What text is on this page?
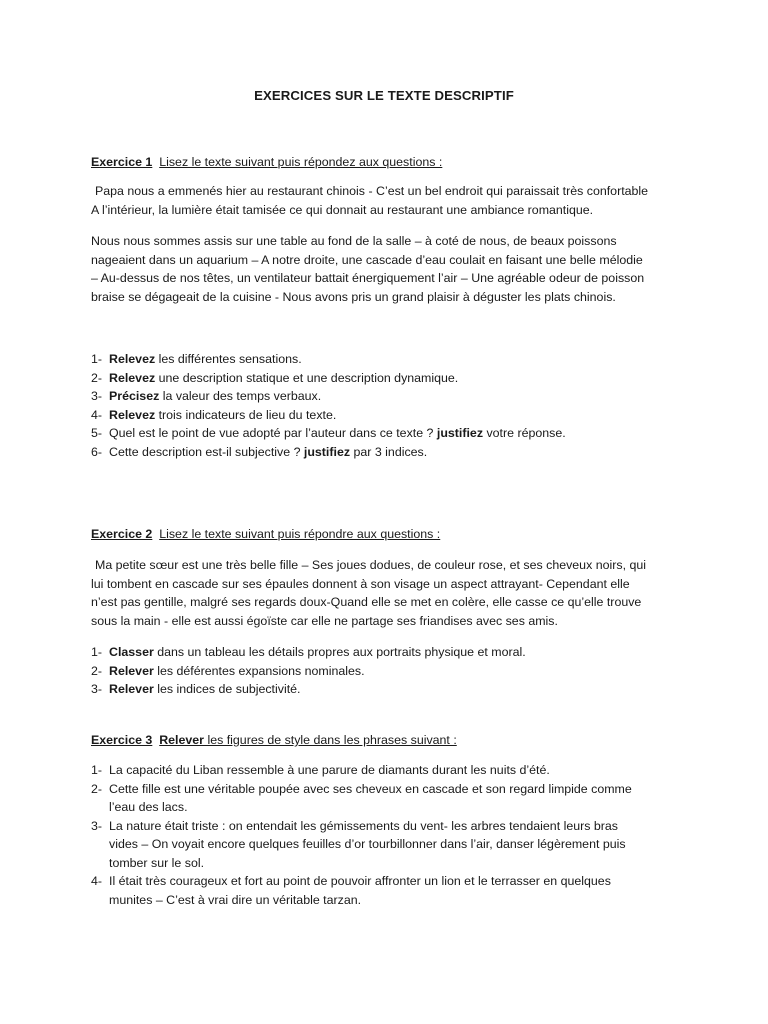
EXERCICES SUR LE TEXTE DESCRIPTIF
Exercice 1 Lisez le texte suivant puis répondez aux questions :
Papa nous a emmenés hier au restaurant chinois - C’est un bel endroit qui paraissait très confortable
A l’intérieur, la lumière était tamisée ce qui donnait au restaurant une ambiance romantique.
Nous nous sommes assis sur une table au fond de la salle – à coté de nous, de beaux poissons
nageaient dans un aquarium – A notre droite, une cascade d’eau coulait en faisant une belle mélodie
– Au-dessus de nos têtes, un ventilateur battait énergiquement l’air – Une agréable odeur de poisson
braise se dégageait de la cuisine - Nous avons pris un grand plaisir à déguster les plats chinois.
1- Relevez les différentes sensations.
2- Relevez une description statique et une description dynamique.
3- Précisez la valeur des temps verbaux.
4- Relevez trois indicateurs de lieu du texte.
5- Quel est le point de vue adopté par l’auteur dans ce texte ? justifiez votre réponse.
6- Cette description est-il subjective ? justifiez par 3 indices.
Exercice 2 Lisez le texte suivant puis répondre aux questions :
Ma petite sœur est une très belle fille – Ses joues dodues, de couleur rose, et ses cheveux noirs, qui
lui tombent en cascade sur ses épaules donnent à son visage un aspect attrayant- Cependant elle
n’est pas gentille, malgré ses regards doux-Quand elle se met en colère, elle casse ce qu’elle trouve
sous la main - elle est aussi égoïste car elle ne partage ses friandises avec ses amis.
1- Classer dans un tableau les détails propres aux portraits physique et moral.
2- Relever les déférentes expansions nominales.
3- Relever les indices de subjectivité.
Exercice 3 Relever les figures de style dans les phrases suivant :
1- La capacité du Liban ressemble à une parure de diamants durant les nuits d’été.
2- Cette fille est une véritable poupée avec ses cheveux en cascade et son regard limpide comme
l’eau des lacs.
3- La nature était triste : on entendait les gémissements du vent- les arbres tendaient leurs bras
vides – On voyait encore quelques feuilles d’or tourbillonner dans l’air, danser légèrement puis
tomber sur le sol.
4- Il était très courageux et fort au point de pouvoir affronter un lion et le terrasser en quelques
munites – C’est à vrai dire un véritable tarzan.
